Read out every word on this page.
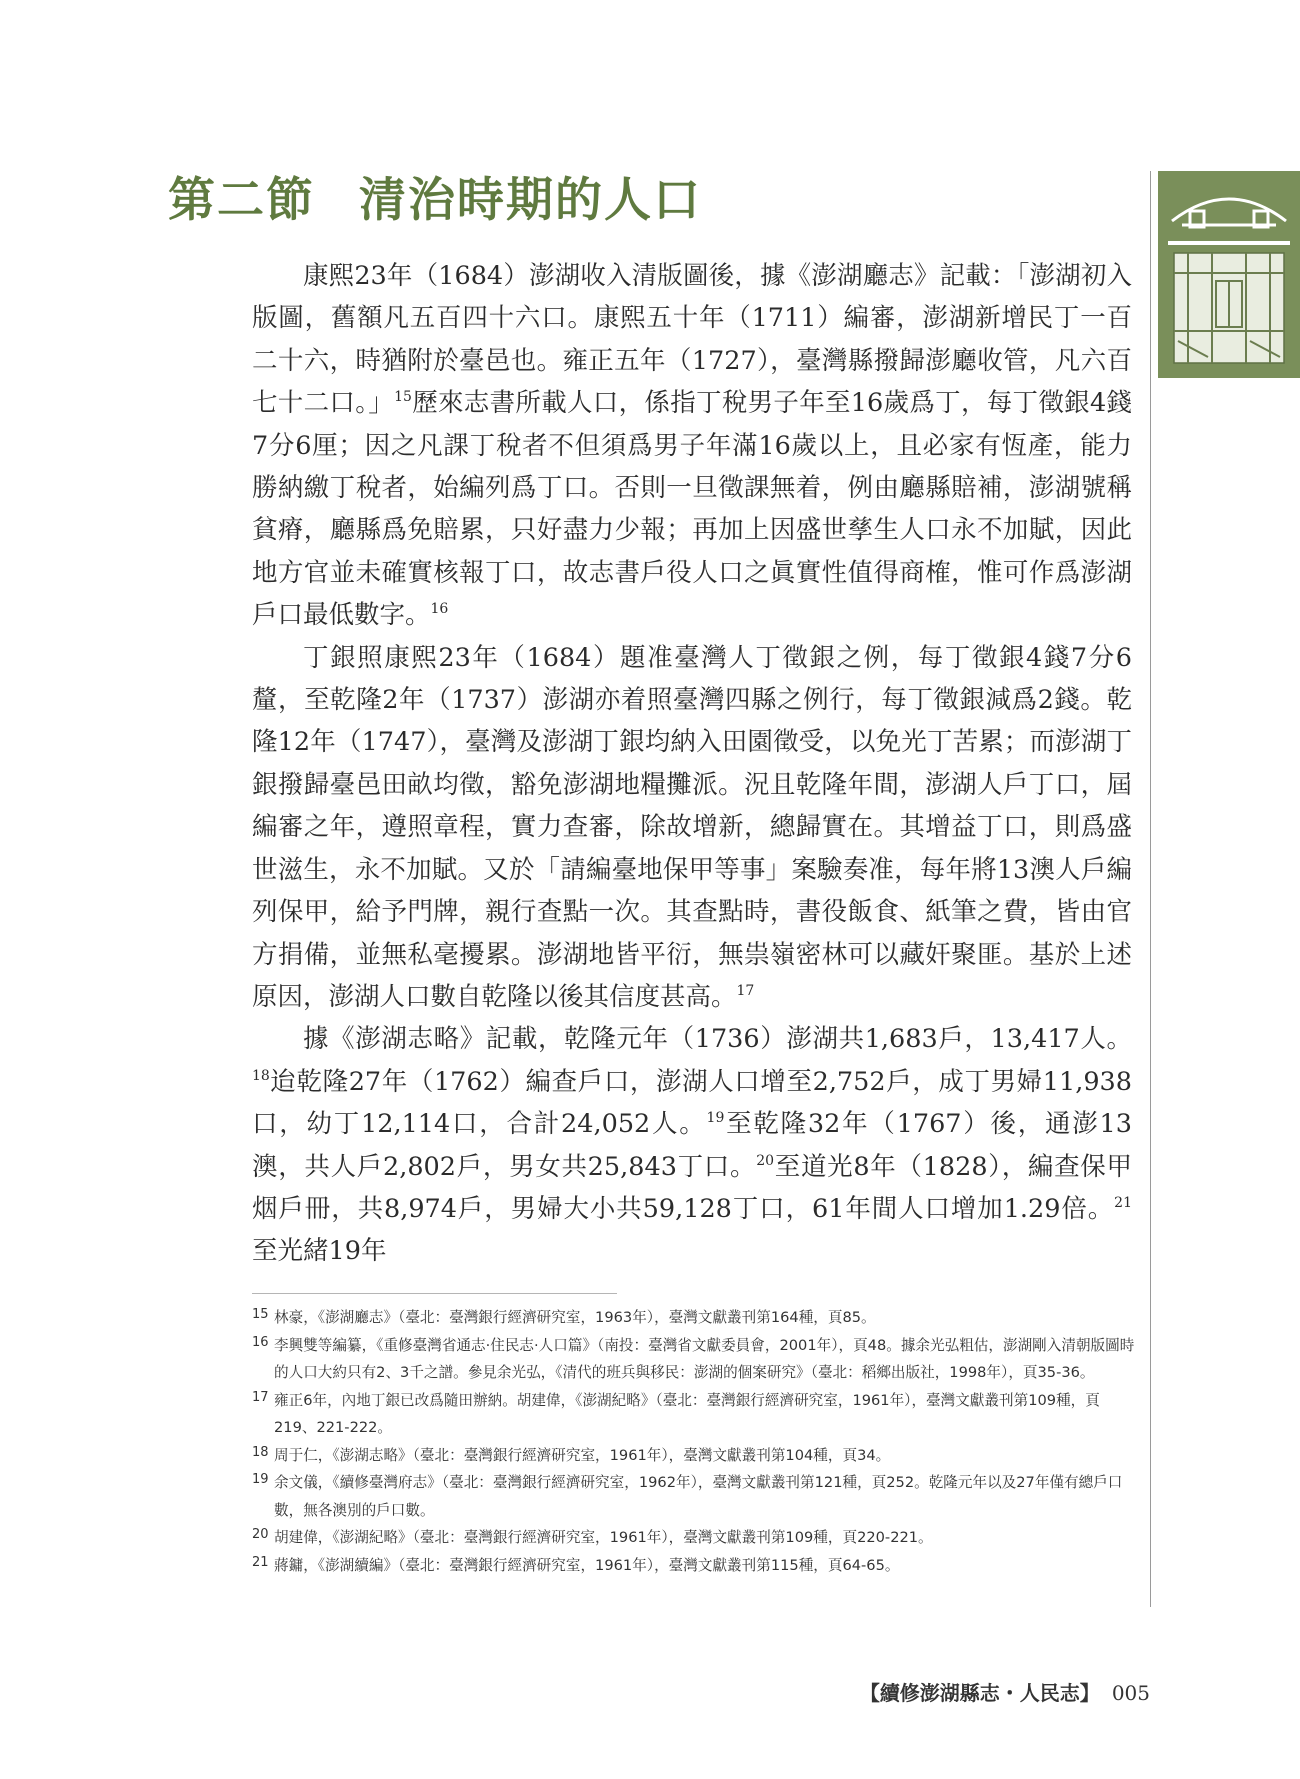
第二節 清治時期的人口

康熙23年（1684）澎湖收入清版圖後，據《澎湖廳志》記載：「澎湖初入版圖，舊額凡五百四十六口。康熙五十年（1711）編審，澎湖新增民丁一百二十六，時猶附於臺邑也。雍正五年（1727），臺灣縣撥歸澎廳收管，凡六百七十二口。」$^{15}$歷來志書所載人口，係指丁稅男子年至16歲爲丁，每丁徵銀4錢7分6厘；因之凡課丁稅者不但須爲男子年滿16歲以上，且必家有恆產，能力勝納繳丁稅者，始編列爲丁口。否則一旦徵課無着，例由廳縣賠補，澎湖號稱貧瘠，廳縣爲免賠累，只好盡力少報；再加上因盛世孳生人口永不加賦，因此地方官並未確實核報丁口，故志書戶役人口之眞實性值得商榷，惟可作爲澎湖戶口最低數字。$^{16}$

丁銀照康熙23年（1684）題准臺灣人丁徵銀之例，每丁徵銀4錢7分6釐，至乾隆2年（1737）澎湖亦着照臺灣四縣之例行，每丁徵銀減爲2錢。乾隆12年（1747），臺灣及澎湖丁銀均納入田園徵受，以免光丁苦累；而澎湖丁銀撥歸臺邑田畝均徵，豁免澎湖地糧攤派。況且乾隆年間，澎湖人戶丁口，屆編審之年，遵照章程，實力查審，除故增新，總歸實在。其增益丁口，則爲盛世滋生，永不加賦。又於「請編臺地保甲等事」案驗奏准，每年將13澳人戶編列保甲，給予門牌，親行查點一次。其查點時，書役飯食、紙筆之費，皆由官方捐備，並無私毫擾累。澎湖地皆平衍，無祟嶺密林可以藏奸聚匪。基於上述原因，澎湖人口數自乾隆以後其信度甚高。$^{17}$

據《澎湖志略》記載，乾隆元年（1736）澎湖共1,683戶，13,417人。$^{18}$迨乾隆27年（1762）編查戶口，澎湖人口增至2,752戶，成丁男婦11,938口，幼丁12,114口，合計24,052人。$^{19}$至乾隆32年（1767）後，通澎13澳，共人戶2,802戶，男女共25,843丁口。$^{20}$至道光8年（1828），編查保甲烟戶冊，共8,974戶，男婦大小共59,128丁口，61年間人口增加1.29倍。$^{21}$至光緒19年

15 林豪，《澎湖廳志》（臺北：臺灣銀行經濟研究室，1963年），臺灣文獻叢刊第164種，頁85。
16 李興雙等編纂，《重修臺灣省通志·住民志·人口篇》（南投：臺灣省文獻委員會，2001年），頁48。據余光弘粗估，澎湖剛入清朝版圖時的人口大約只有2、3千之譜。參見余光弘，《清代的班兵與移民：澎湖的個案研究》（臺北：稻鄉出版社，1998年），頁35-36。
17 雍正6年，內地丁銀已改爲隨田辦納。胡建偉，《澎湖紀略》（臺北：臺灣銀行經濟研究室，1961年），臺灣文獻叢刊第109種，頁219、221-222。
18 周于仁，《澎湖志略》（臺北：臺灣銀行經濟研究室，1961年），臺灣文獻叢刊第104種，頁34。
19 余文儀，《續修臺灣府志》（臺北：臺灣銀行經濟研究室，1962年），臺灣文獻叢刊第121種，頁252。乾隆元年以及27年僅有總戶口數，無各澳別的戶口數。
20 胡建偉，《澎湖紀略》（臺北：臺灣銀行經濟研究室，1961年），臺灣文獻叢刊第109種，頁220-221。
21 蔣鏞，《澎湖續編》（臺北：臺灣銀行經濟研究室，1961年），臺灣文獻叢刊第115種，頁64-65。
【續修澎湖縣志・人民志】 005
